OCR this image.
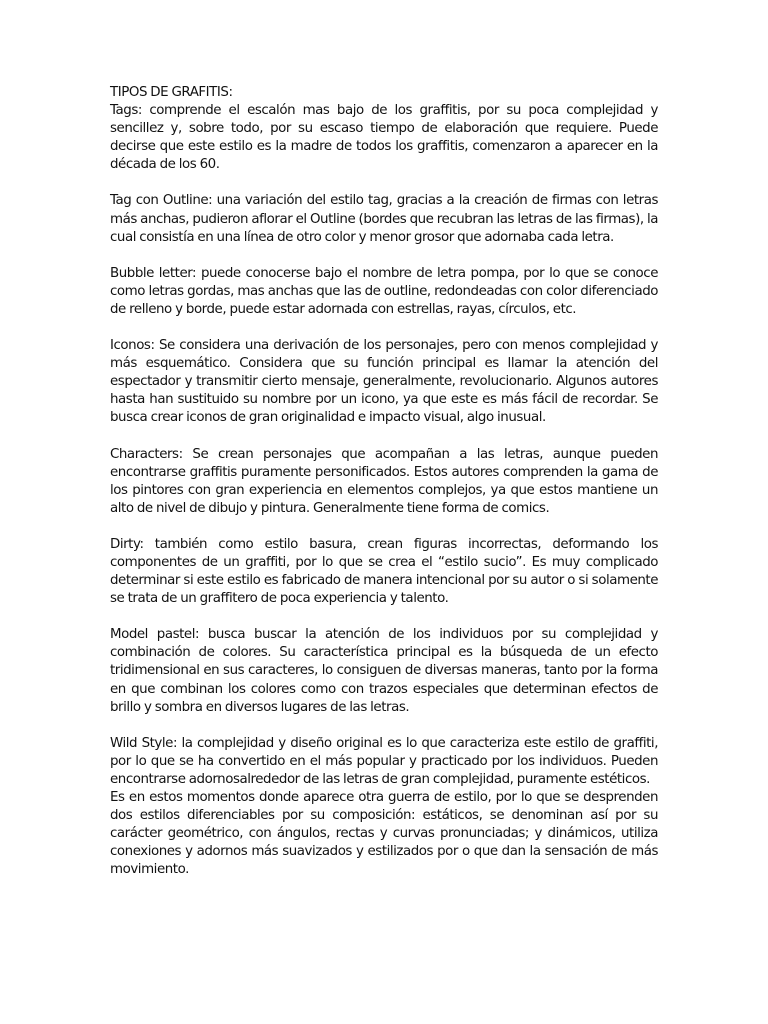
TIPOS DE GRAFITIS:

Tags: comprende el escalón mas bajo de los graffitis, por su poca complejidad y sencillez y, sobre todo, por su escaso tiempo de elaboración que requiere. Puede decirse que este estilo es la madre de todos los graffitis, comenzaron a aparecer en la década de los 60.

Tag con Outline: una variación del estilo tag, gracias a la creación de firmas con letras más anchas, pudieron aflorar el Outline (bordes que recubran las letras de las firmas), la cual consistía en una línea de otro color y menor grosor que adornaba cada letra.

Bubble letter: puede conocerse bajo el nombre de letra pompa, por lo que se conoce como letras gordas, mas anchas que las de outline, redondeadas con color diferenciado de relleno y borde, puede estar adornada con estrellas, rayas, círculos, etc.

Iconos: Se considera una derivación de los personajes, pero con menos complejidad y más esquemático. Considera que su función principal es llamar la atención del espectador y transmitir cierto mensaje, generalmente, revolucionario. Algunos autores hasta han sustituido su nombre por un icono, ya que este es más fácil de recordar. Se busca crear iconos de gran originalidad e impacto visual, algo inusual.

Characters: Se crean personajes que acompañan a las letras, aunque pueden encontrarse graffitis puramente personificados. Estos autores comprenden la gama de los pintores con gran experiencia en elementos complejos, ya que estos mantiene un alto de nivel de dibujo y pintura. Generalmente tiene forma de comics.

Dirty: también como estilo basura, crean figuras incorrectas, deformando los componentes de un graffiti, por lo que se crea el “estilo sucio”. Es muy complicado determinar si este estilo es fabricado de manera intencional por su autor o si solamente se trata de un graffitero de poca experiencia y talento.

Model pastel: busca buscar la atención de los individuos por su complejidad y combinación de colores. Su característica principal es la búsqueda de un efecto tridimensional en sus caracteres, lo consiguen de diversas maneras, tanto por la forma en que combinan los colores como con trazos especiales que determinan efectos de brillo y sombra en diversos lugares de las letras.

Wild Style: la complejidad y diseño original es lo que caracteriza este estilo de graffiti, por lo que se ha convertido en el más popular y practicado por los individuos. Pueden encontrarse adornosalrededor de las letras de gran complejidad, puramente estéticos.

Es en estos momentos donde aparece otra guerra de estilo, por lo que se desprenden dos estilos diferenciables por su composición: estáticos, se denominan así por su carácter geométrico, con ángulos, rectas y curvas pronunciadas; y dinámicos, utiliza conexiones y adornos más suavizados y estilizados por o que dan la sensación de más movimiento.
